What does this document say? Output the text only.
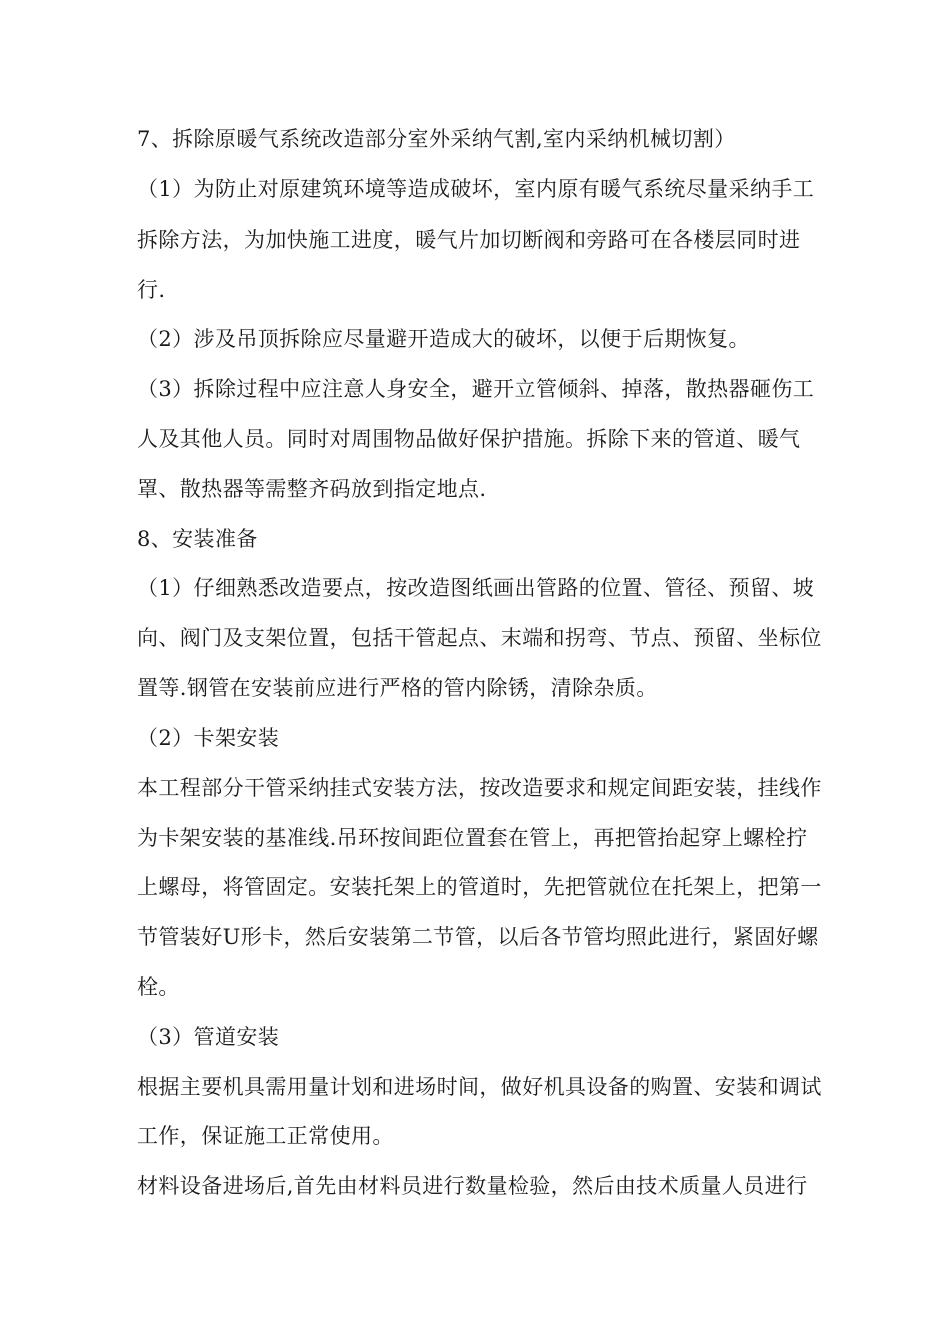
7、拆除原暖气系统改造部分室外采纳气割,室内采纳机械切割）
（1）为防止对原建筑环境等造成破坏，室内原有暖气系统尽量采纳手工
拆除方法，为加快施工进度，暖气片加切断阀和旁路可在各楼层同时进
行.
（2）涉及吊顶拆除应尽量避开造成大的破坏，以便于后期恢复。
（3）拆除过程中应注意人身安全，避开立管倾斜、掉落，散热器砸伤工
人及其他人员。同时对周围物品做好保护措施。拆除下来的管道、暖气
罩、散热器等需整齐码放到指定地点.
8、安装准备
（1）仔细熟悉改造要点，按改造图纸画出管路的位置、管径、预留、坡
向、阀门及支架位置，包括干管起点、末端和拐弯、节点、预留、坐标位
置等.钢管在安装前应进行严格的管内除锈，清除杂质。
（2）卡架安装
本工程部分干管采纳挂式安装方法，按改造要求和规定间距安装，挂线作
为卡架安装的基准线.吊环按间距位置套在管上，再把管抬起穿上螺栓拧
上螺母，将管固定。安装托架上的管道时，先把管就位在托架上，把第一
节管装好U形卡，然后安装第二节管，以后各节管均照此进行，紧固好螺
栓。
（3）管道安装
根据主要机具需用量计划和进场时间，做好机具设备的购置、安装和调试
工作，保证施工正常使用。
材料设备进场后,首先由材料员进行数量检验，然后由技术质量人员进行
